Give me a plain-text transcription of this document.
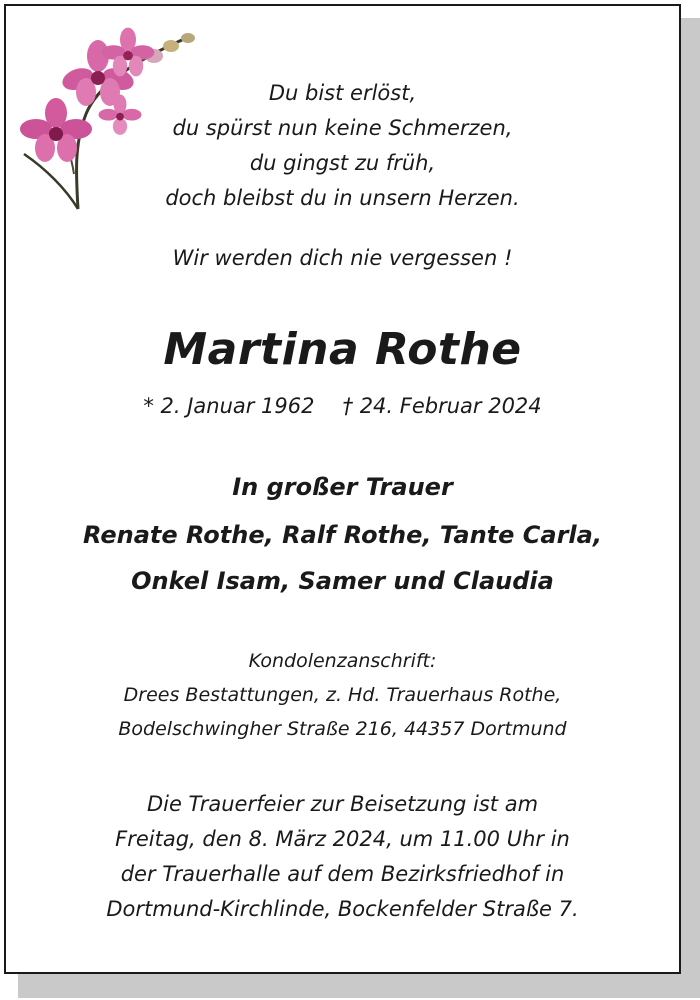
Du bist erlöst,
du spürst nun keine Schmerzen,
du gingst zu früh,
doch bleibst du in unsern Herzen.
Wir werden dich nie vergessen !
Martina Rothe
* 2. Januar 1962 † 24. Februar 2024
In großer Trauer
Renate Rothe, Ralf Rothe, Tante Carla,
Onkel Isam, Samer und Claudia
Kondolenzanschrift:
Drees Bestattungen, z. Hd. Trauerhaus Rothe,
Bodelschwingher Straße 216, 44357 Dortmund
Die Trauerfeier zur Beisetzung ist am
Freitag, den 8. März 2024, um 11.00 Uhr in
der Trauerhalle auf dem Bezirksfriedhof in
Dortmund-Kirchlinde, Bockenfelder Straße 7.
